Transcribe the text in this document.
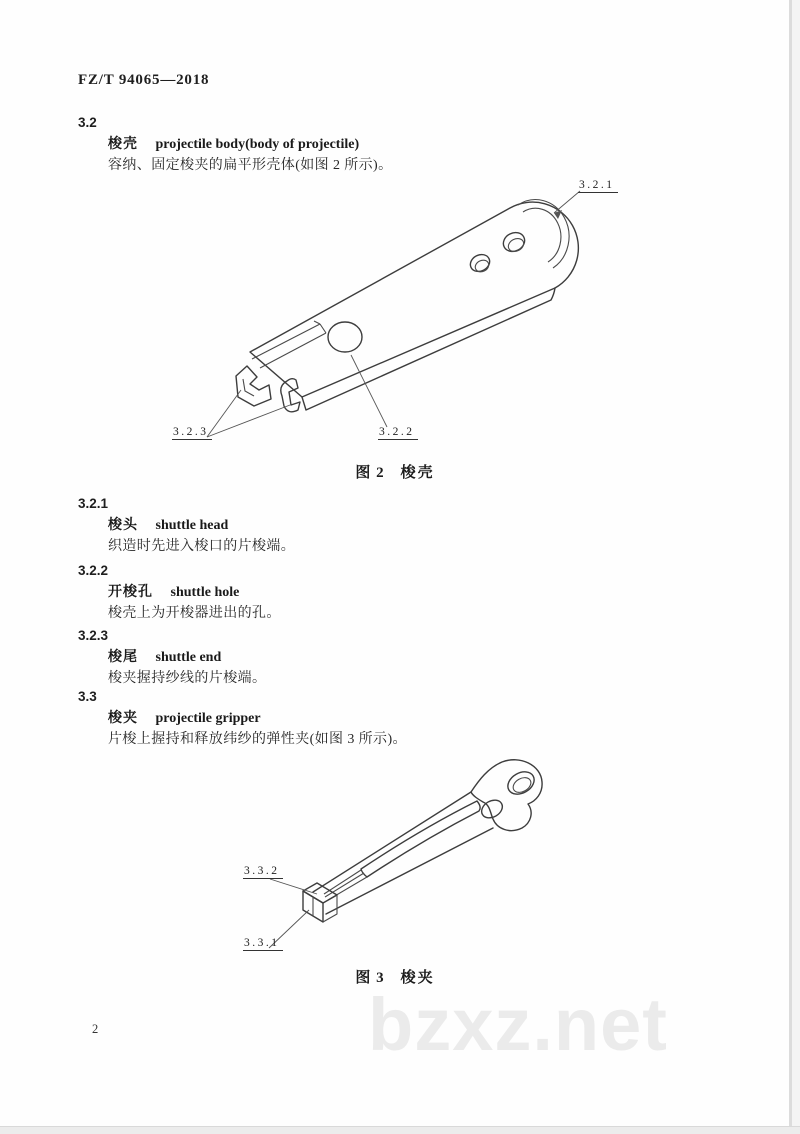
FZ/T 94065—2018
3.2
梭壳 projectile body(body of projectile)
容纳、固定梭夹的扁平形壳体(如图 2 所示)。
3.2.1
3.2.2
3.2.3
图 2 梭壳
3.2.1
梭头 shuttle head
织造时先进入梭口的片梭端。
3.2.2
开梭孔 shuttle hole
梭壳上为开梭器进出的孔。
3.2.3
梭尾 shuttle end
梭夹握持纱线的片梭端。
3.3
梭夹 projectile gripper
片梭上握持和释放纬纱的弹性夹(如图 3 所示)。
3.3.2
3.3.1
图 3 梭夹
bzxz.net
2
